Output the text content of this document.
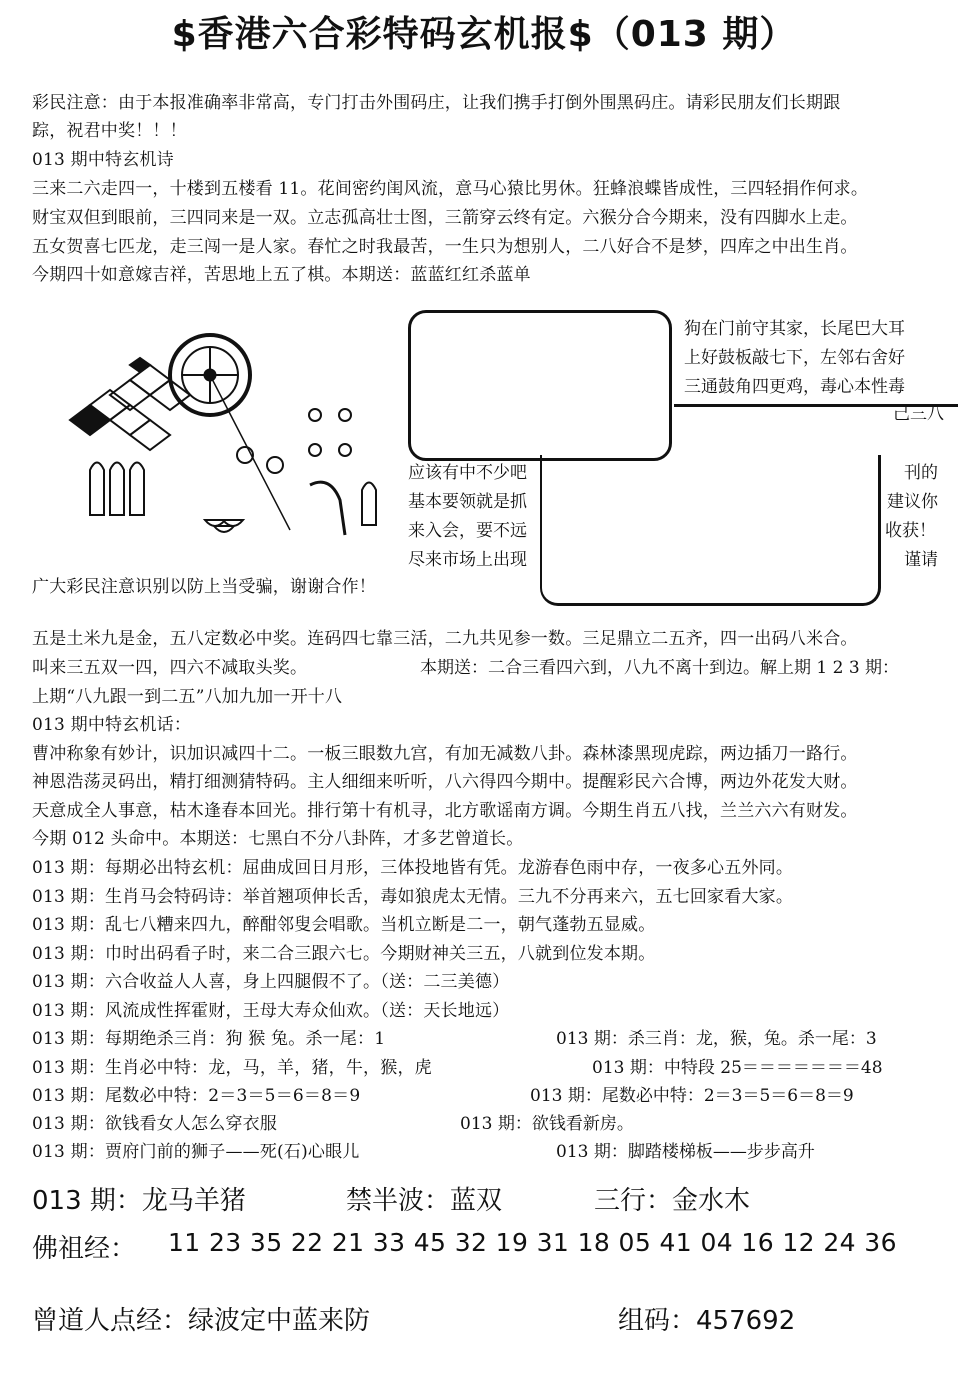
$香港六合彩特码玄机报$（013 期）
彩民注意：由于本报准确率非常高，专门打击外围码庄，让我们携手打倒外围黑码庄。请彩民朋友们长期跟
踪，祝君中奖！！！
013 期中特玄机诗
三来二六走四一，十楼到五楼看 11。花间密约闺风流，意马心猿比男休。狂蜂浪蝶皆成性，三四轻捐作何求。
财宝双但到眼前，三四同来是一双。立志孤高壮士图，三箭穿云终有定。六猴分合今期来，没有四脚水上走。
五女贺喜七匹龙，走三闯一是人家。春忙之时我最苦，一生只为想别人，二八好合不是梦，四库之中出生肖。
今期四十如意嫁吉祥，苦思地上五了棋。本期送：蓝蓝红红杀蓝单
狗在门前守其家，长尾巴大耳
上好鼓板敲七下，左邻右舍好
三通鼓角四更鸡，毒心本性毒
己三八
应该有中不少吧
基本要领就是抓
来入会，要不远
尽来市场上出现
刊的
建议你
收获！
谨请
广大彩民注意识别以防上当受骗，谢谢合作！
五是土米九是金，五八定数必中奖。连码四七靠三活，二九共见参一数。三足鼎立二五齐，四一出码八米合。
叫来三五双一四，四六不减取头奖。	本期送：二合三看四六到，八九不离十到边。解上期 1 2 3 期：
上期“八九跟一到二五”八加九加一开十八
013 期中特玄机话：
曹冲称象有妙计，识加识减四十二。一板三眼数九宫，有加无减数八卦。森林漆黑现虎踪，两边插刀一路行。
神恩浩荡灵码出，精打细测猜特码。主人细细来听听，八六得四今期中。提醒彩民六合博，两边外花发大财。
天意成全人事意，枯木逢春本回光。排行第十有机寻，北方歌谣南方调。今期生肖五八找，兰兰六六有财发。
今期 012 头命中。本期送：七黑白不分八卦阵，才多艺曾道长。
013 期：每期必出特玄机：屈曲成回日月形，三体投地皆有凭。龙游春色雨中存，一夜多心五外同。
013 期：生肖马会特码诗：举首翘项伸长舌，毒如狼虎太无情。三九不分再来六，五七回家看大家。
013 期：乱七八糟来四九，醉酣邻叟会唱歌。当机立断是二一，朝气蓬勃五显威。
013 期：巾时出码看子时，来二合三跟六七。今期财神关三五，八就到位发本期。
013 期：六合收益人人喜，身上四腿假不了。（送：二三美德）
013 期：风流成性挥霍财，王母大寿众仙欢。（送：天长地远）
013 期：每期绝杀三肖：狗 猴 兔。杀一尾：1	013 期：杀三肖：龙，猴，兔。杀一尾：3
013 期：生肖必中特：龙，马，羊，猪，牛，猴，虎	013 期：中特段 25＝＝＝＝＝＝＝48
013 期：尾数必中特：2＝3＝5＝6＝8＝9	013 期：尾数必中特：2＝3＝5＝6＝8＝9
013 期：欲钱看女人怎么穿衣服	013 期：欲钱看新房。
013 期：贾府门前的狮子——死(石)心眼儿	013 期：脚踏楼梯板——步步高升
013 期：龙马羊猪	禁半波：蓝双	三行：金水木
佛祖经： 11 23 35 22 21 33 45 32 19 31 18 05 41 04 16 12 24 36
曾道人点经：绿波定中蓝来防	组码：457692
